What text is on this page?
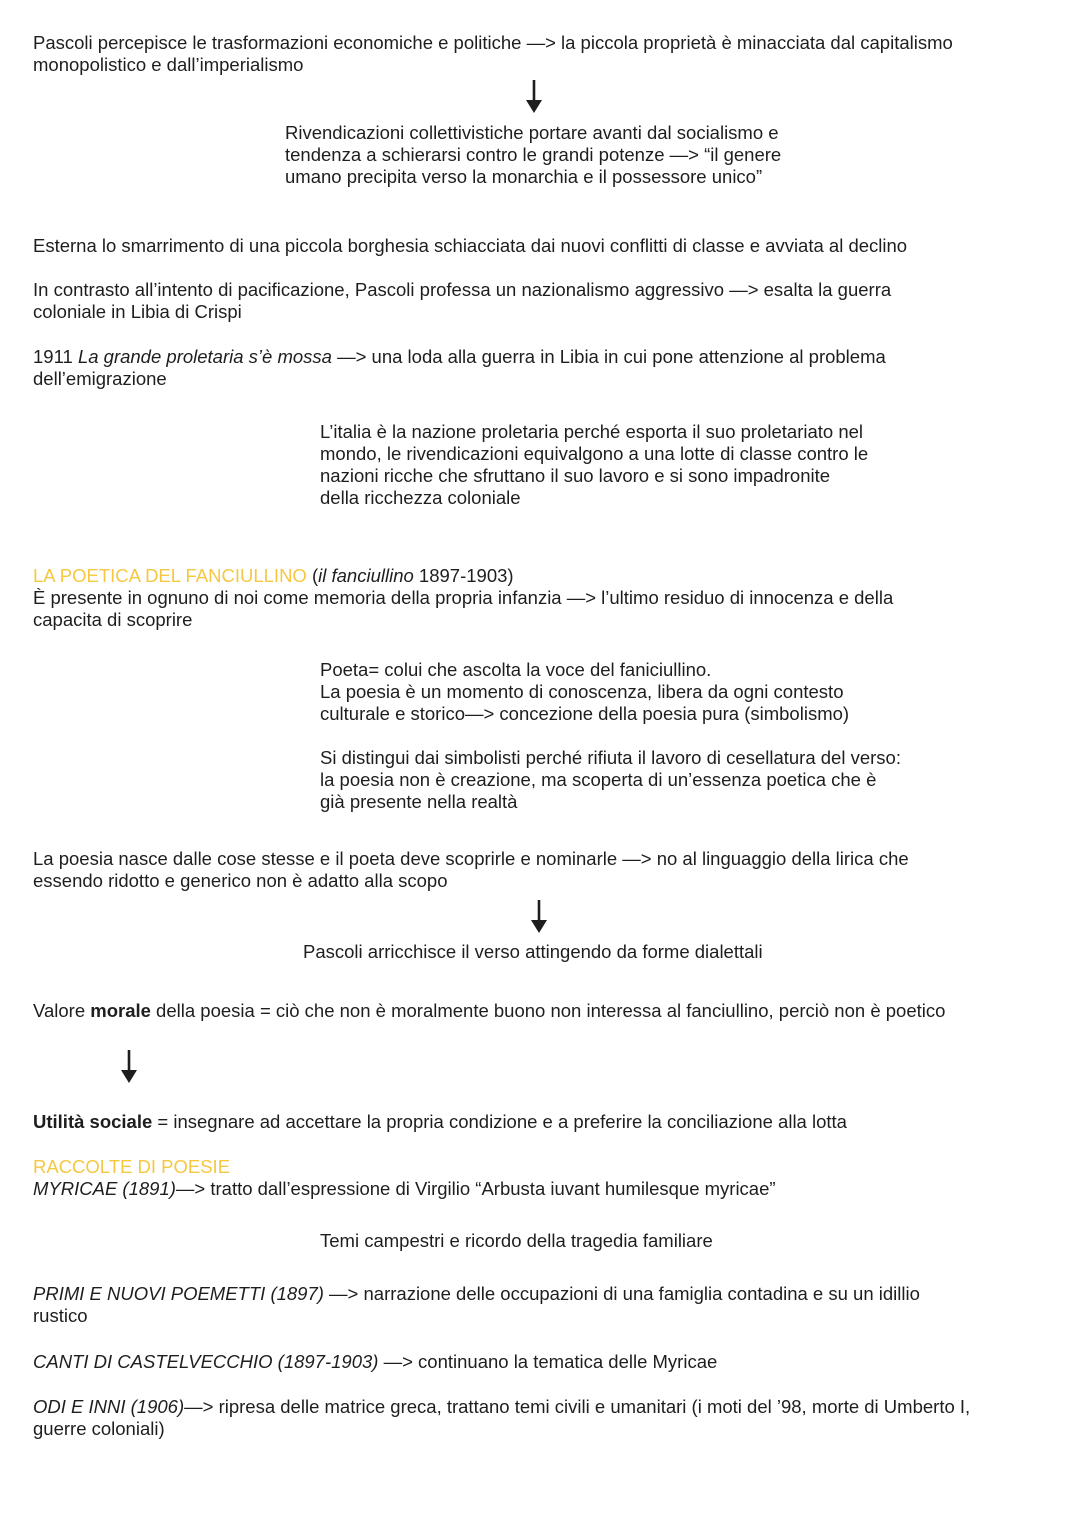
Pascoli percepisce le trasformazioni economiche e politiche —> la piccola proprietà è minacciata dal capitalismo
monopolistico e dall’imperialismo
Rivendicazioni collettivistiche portare avanti dal socialismo e
tendenza a schierarsi contro le grandi potenze —> “il genere
umano precipita verso la monarchia e il possessore unico”
Esterna lo smarrimento di una piccola borghesia schiacciata dai nuovi conflitti di classe e avviata al declino
In contrasto all’intento di pacificazione, Pascoli professa un nazionalismo aggressivo —> esalta la guerra
coloniale in Libia di Crispi
1911 La grande proletaria s’è mossa —> una loda alla guerra in Libia in cui pone attenzione al problema
dell’emigrazione
L’italia è la nazione proletaria perché esporta il suo proletariato nel
mondo, le rivendicazioni equivalgono a una lotte di classe contro le
nazioni ricche che sfruttano il suo lavoro e si sono impadronite
della ricchezza coloniale
LA POETICA DEL FANCIULLINO (il fanciullino 1897-1903)
È presente in ognuno di noi come memoria della propria infanzia —> l’ultimo residuo di innocenza e della
capacita di scoprire
Poeta= colui che ascolta la voce del faniciullino.
La poesia è un momento di conoscenza, libera da ogni contesto
culturale e storico—> concezione della poesia pura (simbolismo)
Si distingui dai simbolisti perché rifiuta il lavoro di cesellatura del verso:
la poesia non è creazione, ma scoperta di un’essenza poetica che è
già presente nella realtà
La poesia nasce dalle cose stesse e il poeta deve scoprirle e nominarle —> no al linguaggio della lirica che
essendo ridotto e generico non è adatto alla scopo
Pascoli arricchisce il verso attingendo da forme dialettali
Valore morale della poesia = ciò che non è moralmente buono non interessa al fanciullino, perciò non è poetico
Utilità sociale = insegnare ad accettare la propria condizione e a preferire la conciliazione alla lotta
RACCOLTE DI POESIE
MYRICAE (1891)—> tratto dall’espressione di Virgilio “Arbusta iuvant humilesque myricae”
Temi campestri e ricordo della tragedia familiare
PRIMI E NUOVI POEMETTI (1897) —> narrazione delle occupazioni di una famiglia contadina e su un idillio
rustico
CANTI DI CASTELVECCHIO (1897-1903) —> continuano la tematica delle Myricae
ODI E INNI (1906)—> ripresa delle matrice greca, trattano temi civili e umanitari (i moti del ’98, morte di Umberto I,
guerre coloniali)
